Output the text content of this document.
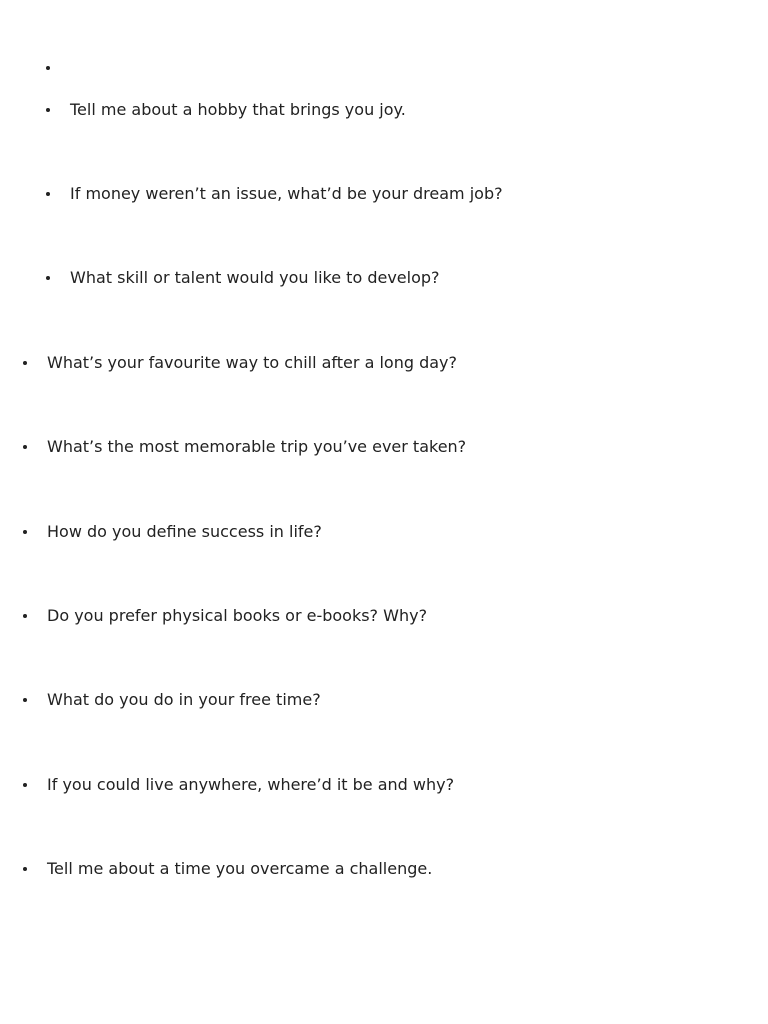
Tell me about a hobby that brings you joy.
If money weren’t an issue, what’d be your dream job?
What skill or talent would you like to develop?
What’s your favourite way to chill after a long day?
What’s the most memorable trip you’ve ever taken?
How do you define success in life?
Do you prefer physical books or e-books? Why?
What do you do in your free time?
If you could live anywhere, where’d it be and why?
Tell me about a time you overcame a challenge.
